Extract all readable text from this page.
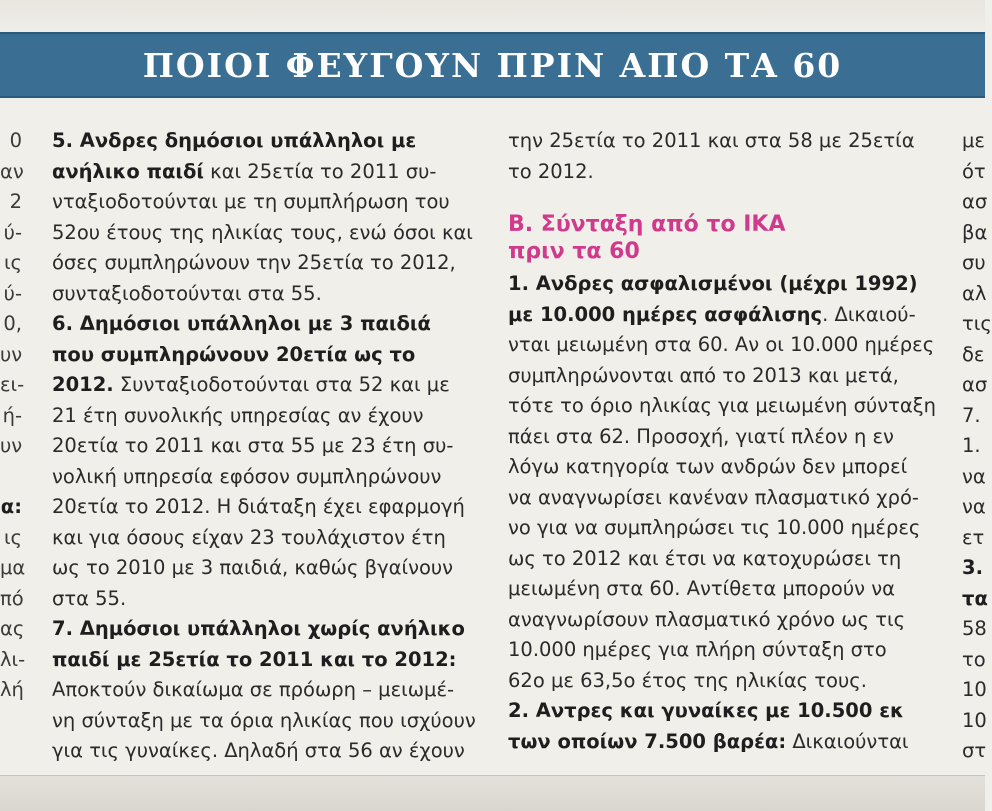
ΠΟΙΟΙ ΦΕΥΓΟΥΝ ΠΡΙΝ ΑΠΟ ΤΑ 60
0
αν
2
ύ-
ις
ύ-
0,
υν
ει-
ή-
υν
α:
ις
μα
πό
ας
λι-
λή
5. Ανδρες δημόσιοι υπάλληλοι με
ανήλικο παιδί και 25ετία το 2011 συ-
νταξιοδοτούνται με τη συμπλήρωση του
52ου έτους της ηλικίας τους, ενώ όσοι και
όσες συμπληρώνουν την 25ετία το 2012,
συνταξιοδοτούνται στα 55.
6. Δημόσιοι υπάλληλοι με 3 παιδιά
που συμπληρώνουν 20ετία ως το
2012. Συνταξιοδοτούνται στα 52 και με
21 έτη συνολικής υπηρεσίας αν έχουν
20ετία το 2011 και στα 55 με 23 έτη συ-
νολική υπηρεσία εφόσον συμπληρώνουν
20ετία το 2012. Η διάταξη έχει εφαρμογή
και για όσους είχαν 23 τουλάχιστον έτη
ως το 2010 με 3 παιδιά, καθώς βγαίνουν
στα 55.
7. Δημόσιοι υπάλληλοι χωρίς ανήλικο
παιδί με 25ετία το 2011 και το 2012:
Αποκτούν δικαίωμα σε πρόωρη – μειωμέ-
νη σύνταξη με τα όρια ηλικίας που ισχύουν
για τις γυναίκες. Δηλαδή στα 56 αν έχουν
την 25ετία το 2011 και στα 58 με 25ετία
το 2012.
Β. Σύνταξη από το ΙΚΑ
πριν τα 60
1. Ανδρες ασφαλισμένοι (μέχρι 1992)
με 10.000 ημέρες ασφάλισης. Δικαιού-
νται μειωμένη στα 60. Αν οι 10.000 ημέρες
συμπληρώνονται από το 2013 και μετά,
τότε το όριο ηλικίας για μειωμένη σύνταξη
πάει στα 62. Προσοχή, γιατί πλέον η εν
λόγω κατηγορία των ανδρών δεν μπορεί
να αναγνωρίσει κανέναν πλασματικό χρό-
νο για να συμπληρώσει τις 10.000 ημέρες
ως το 2012 και έτσι να κατοχυρώσει τη
μειωμένη στα 60. Αντίθετα μπορούν να
αναγνωρίσουν πλασματικό χρόνο ως τις
10.000 ημέρες για πλήρη σύνταξη στο
62ο με 63,5ο έτος της ηλικίας τους.
2. Αντρες και γυναίκες με 10.500 εκ
των οποίων 7.500 βαρέα: Δικαιούνται
με
ότ
ασ
βα
συ
αλ
τις
δε
ασ
7.
1.
να
να
ετ
3.
τα
58
το
10
10
στ
